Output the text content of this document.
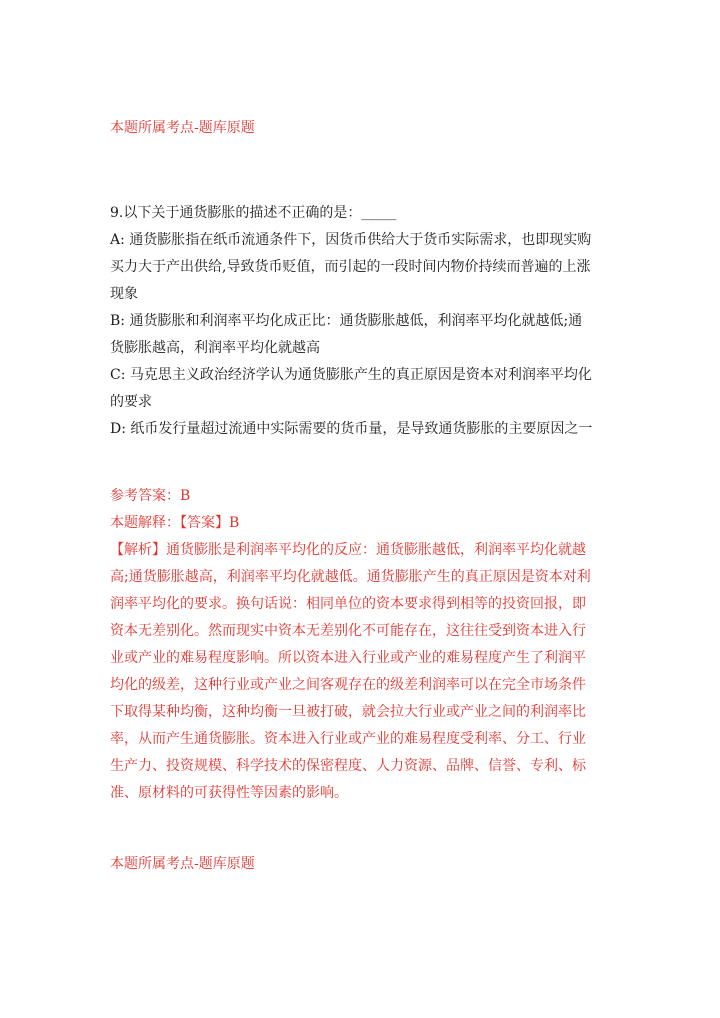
本题所属考点-题库原题
9.以下关于通货膨胀的描述不正确的是：_____
A: 通货膨胀指在纸币流通条件下，因货币供给大于货币实际需求，也即现实购
买力大于产出供给,导致货币贬值，而引起的一段时间内物价持续而普遍的上涨
现象
B: 通货膨胀和利润率平均化成正比：通货膨胀越低，利润率平均化就越低;通
货膨胀越高，利润率平均化就越高
C: 马克思主义政治经济学认为通货膨胀产生的真正原因是资本对利润率平均化
的要求
D: 纸币发行量超过流通中实际需要的货币量，是导致通货膨胀的主要原因之一
参考答案：B
本题解释：【答案】B
【解析】通货膨胀是利润率平均化的反应：通货膨胀越低，利润率平均化就越
高;通货膨胀越高，利润率平均化就越低。通货膨胀产生的真正原因是资本对利
润率平均化的要求。换句话说：相同单位的资本要求得到相等的投资回报，即
资本无差别化。然而现实中资本无差别化不可能存在，这往往受到资本进入行
业或产业的难易程度影响。所以资本进入行业或产业的难易程度产生了利润平
均化的级差，这种行业或产业之间客观存在的级差利润率可以在完全市场条件
下取得某种均衡，这种均衡一旦被打破，就会拉大行业或产业之间的利润率比
率，从而产生通货膨胀。资本进入行业或产业的难易程度受利率、分工、行业
生产力、投资规模、科学技术的保密程度、人力资源、品牌、信誉、专利、标
准、原材料的可获得性等因素的影响。
本题所属考点-题库原题
